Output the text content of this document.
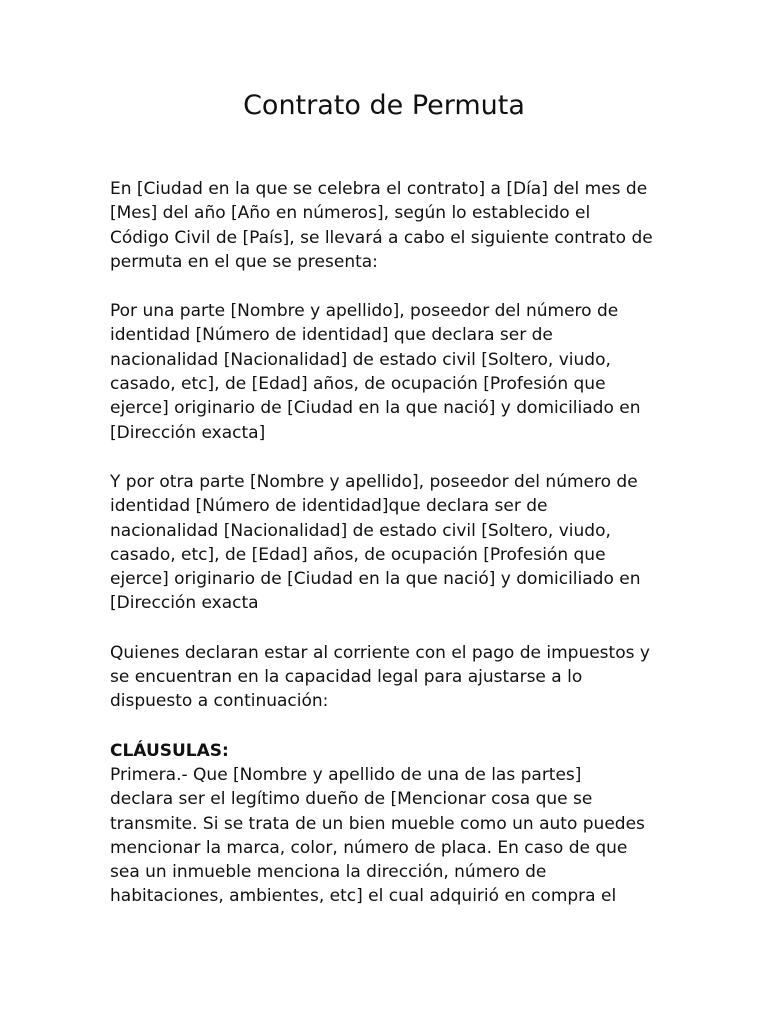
Contrato de Permuta

En [Ciudad en la que se celebra el contrato] a [Día] del mes de
[Mes] del año [Año en números], según lo establecido el
Código Civil de [País], se llevará a cabo el siguiente contrato de
permuta en el que se presenta:

Por una parte [Nombre y apellido], poseedor del número de
identidad [Número de identidad] que declara ser de
nacionalidad [Nacionalidad] de estado civil [Soltero, viudo,
casado, etc], de [Edad] años, de ocupación [Profesión que
ejerce] originario de [Ciudad en la que nació] y domiciliado en
[Dirección exacta]

Y por otra parte [Nombre y apellido], poseedor del número de
identidad [Número de identidad]que declara ser de
nacionalidad [Nacionalidad] de estado civil [Soltero, viudo,
casado, etc], de [Edad] años, de ocupación [Profesión que
ejerce] originario de [Ciudad en la que nació] y domiciliado en
[Dirección exacta

Quienes declaran estar al corriente con el pago de impuestos y
se encuentran en la capacidad legal para ajustarse a lo
dispuesto a continuación:

CLÁUSULAS:
Primera.- Que [Nombre y apellido de una de las partes]
declara ser el legítimo dueño de [Mencionar cosa que se
transmite. Si se trata de un bien mueble como un auto puedes
mencionar la marca, color, número de placa. En caso de que
sea un inmueble menciona la dirección, número de
habitaciones, ambientes, etc] el cual adquirió en compra el
